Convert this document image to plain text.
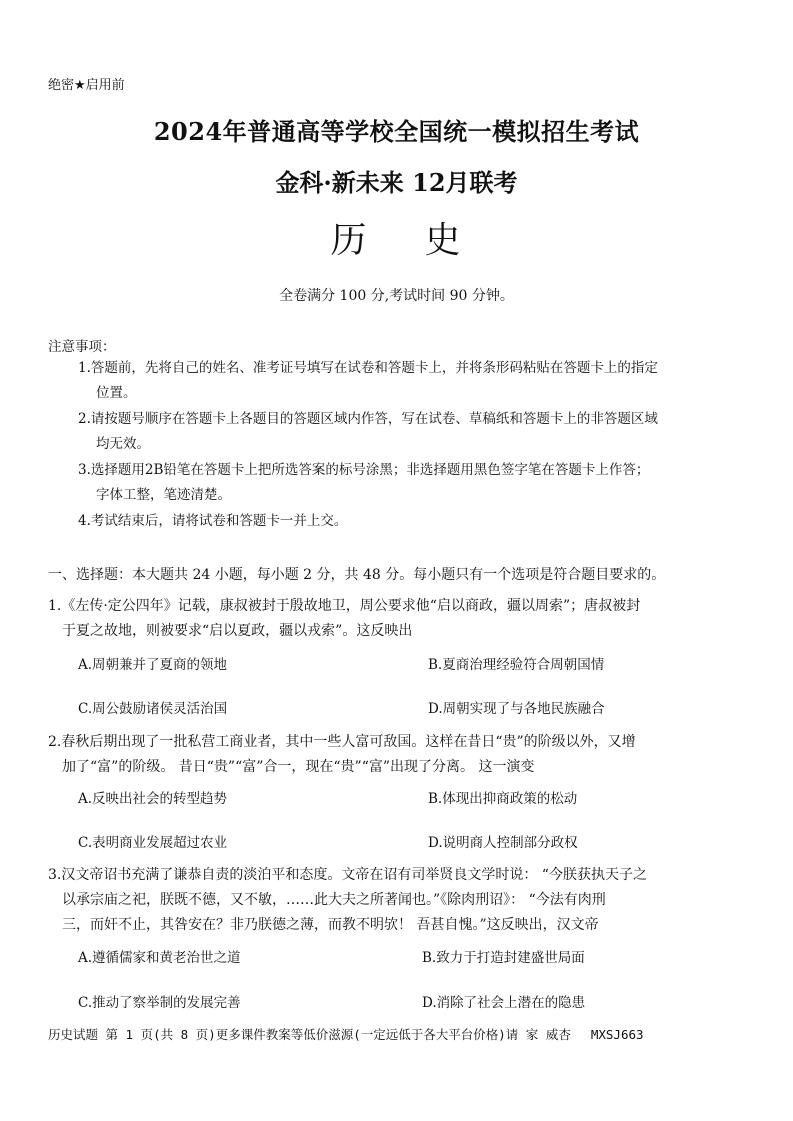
绝密★启用前
2024年普通高等学校全国统一模拟招生考试
金科·新未来 12月联考
历 史
全卷满分 100 分,考试时间 90 分钟。
注意事项：
1.答题前，先将自己的姓名、准考证号填写在试卷和答题卡上，并将条形码粘贴在答题卡上的指定
位置。
2.请按题号顺序在答题卡上各题目的答题区域内作答，写在试卷、草稿纸和答题卡上的非答题区域
均无效。
3.选择题用2B铅笔在答题卡上把所选答案的标号涂黑；非选择题用黑色签字笔在答题卡上作答；
字体工整，笔迹清楚。
4.考试结束后，请将试卷和答题卡一并上交。
一、选择题：本大题共 24 小题，每小题 2 分，共 48 分。每小题只有一个选项是符合题目要求的。
1.《左传·定公四年》记载，康叔被封于殷故地卫，周公要求他“启以商政，疆以周索”；唐叔被封
于夏之故地，则被要求“启以夏政，疆以戎索”。这反映出
A.周朝兼并了夏商的领地	B.夏商治理经验符合周朝国情
C.周公鼓励诸侯灵活治国	D.周朝实现了与各地民族融合
2.春秋后期出现了一批私营工商业者，其中一些人富可敌国。这样在昔日“贵”的阶级以外，又增
加了“富”的阶级。 昔日“贵”“富”合一，现在“贵”“富”出现了分离。 这一演变
A.反映出社会的转型趋势	B.体现出抑商政策的松动
C.表明商业发展超过农业	D.说明商人控制部分政权
3.汉文帝诏书充满了谦恭自责的淡泊平和态度。文帝在诏有司举贤良文学时说： “今朕获执天子之
以承宗庙之祀，朕既不德，又不敏，……此大夫之所著闻也。”《除肉刑诏》： “今法有肉刑
三，而奸不止，其咎安在？非乃朕德之薄，而教不明欤！ 吾甚自愧。”这反映出，汉文帝
A.遵循儒家和黄老治世之道	B.致力于打造封建盛世局面
C.推动了察举制的发展完善	D.消除了社会上潜在的隐患
历史试题 第 1 页(共 8 页)更多课件教案等低价滋源(一定远低于各大平台价格)请 家 威杏 MXSJ663
